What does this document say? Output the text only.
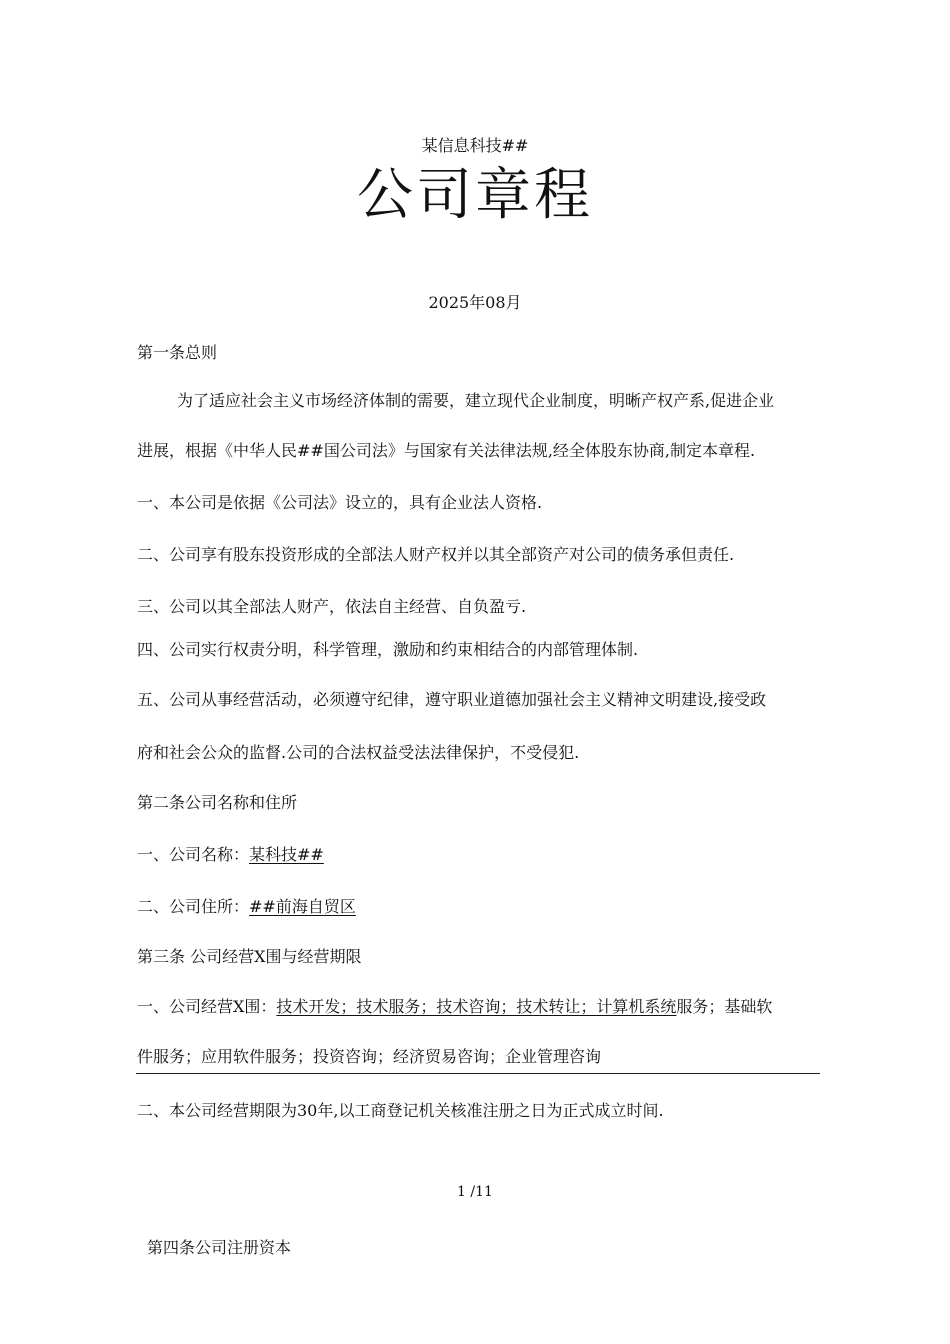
某信息科技##
公司章程
2025年08月
第一条总则
为了适应社会主义市场经济体制的需要，建立现代企业制度，明晰产权产系,促进企业
进展，根据《中华人民##国公司法》与国家有关法律法规,经全体股东协商,制定本章程.
一、本公司是依据《公司法》设立的，具有企业法人资格.
二、公司享有股东投资形成的全部法人财产权并以其全部资产对公司的债务承但责任.
三、公司以其全部法人财产，依法自主经营、自负盈亏.
四、公司实行权责分明，科学管理，激励和约束相结合的内部管理体制.
五、公司从事经营活动，必须遵守纪律，遵守职业道德加强社会主义精神文明建设,接受政
府和社会公众的监督.公司的合法权益受法法律保护，不受侵犯.
第二条公司名称和住所
一、公司名称：某科技##
二、公司住所：##前海自贸区
第三条 公司经营X围与经营期限
一、公司经营X围：技术开发；技术服务；技术咨询；技术转让；计算机系统服务；基础软
件服务；应用软件服务；投资咨询；经济贸易咨询；企业管理咨询
二、本公司经营期限为30年,以工商登记机关核准注册之日为正式成立时间.
1 /11
第四条公司注册资本
